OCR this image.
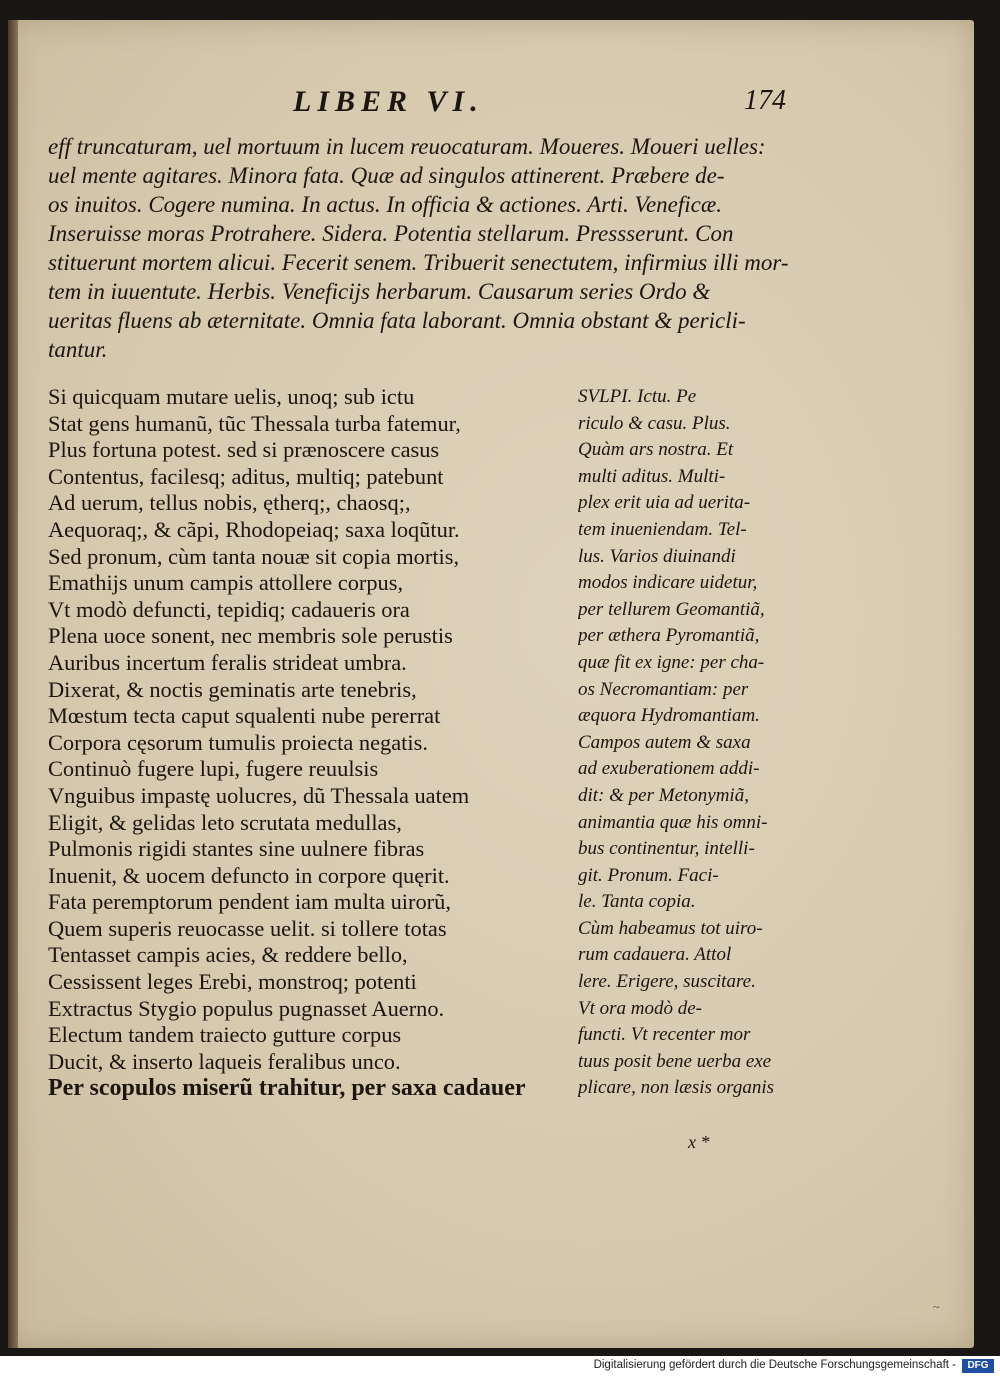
LIBER VI.	174
eff truncaturam, uel mortuum in lucem reuocaturam. Moueres. Moueri uelles:
uel mente agitares. Minora fata. Quæ ad singulos attinerent. Præbere de-
os inuitos. Cogere numina. In actus. In officia & actiones. Arti. Veneficæ.
Inseruisse moras Protrahere. Sidera. Potentia stellarum. Pressserunt. Con
stituerunt mortem alicui. Fecerit senem. Tribuerit senectutem, infirmius illi mor-
tem in iuuentute. Herbis. Veneficijs herbarum. Causarum series Ordo &
ueritas fluens ab æternitate. Omnia fata laborant. Omnia obstant & pericli-
tantur.
Si quicquam mutare uelis, unoq; sub ictu
Stat gens humanũ, tũc Thessala turba fatemur,
Plus fortuna potest. sed si prænoscere casus
Contentus, facilesq; aditus, multiq; patebunt
Ad uerum, tellus nobis, ętherq;, chaosq;,
Aequoraq;, & cãpi, Rhodopeiaq; saxa loqũtur.
Sed pronum, cùm tanta nouæ sit copia mortis,
Emathijs unum campis attollere corpus,
Vt modò defuncti, tepidiq; cadaueris ora
Plena uoce sonent, nec membris sole perustis
Auribus incertum feralis strideat umbra.
Dixerat, & noctis geminatis arte tenebris,
Mœstum tecta caput squalenti nube pererrat
Corpora cęsorum tumulis proiecta negatis.
Continuò fugere lupi, fugere reuulsis
Vnguibus impastę uolucres, dũ Thessala uatem
Eligit, & gelidas leto scrutata medullas,
Pulmonis rigidi stantes sine uulnere fibras
Inuenit, & uocem defuncto in corpore quęrit.
Fata peremptorum pendent iam multa uirorũ,
Quem superis reuocasse uelit. si tollere totas
Tentasset campis acies, & reddere bello,
Cessissent leges Erebi, monstroq; potenti
Extractus Stygio populus pugnasset Auerno.
Electum tandem traiecto gutture corpus
Ducit, & inserto laqueis feralibus unco.
Per scopulos miserũ trahitur, per saxa cadauer
SVLPI. Ictu. Pe
riculo & casu. Plus.
Quàm ars nostra. Et
multi aditus. Multi-
plex erit uia ad uerita-
tem inueniendam. Tel-
lus. Varios diuinandi
modos indicare uidetur,
per tellurem Geomantiã,
per æthera Pyromantiã,
quæ fit ex igne: per cha-
os Necromantiam: per
æquora Hydromantiam.
Campos autem & saxa
ad exuberationem addi-
dit: & per Metonymiã,
animantia quæ his omni-
bus continentur, intelli-
git. Pronum. Faci-
le. Tanta copia.
Cùm habeamus tot uiro-
rum cadauera. Attol
lere. Erigere, suscitare.
Vt ora modò de-
functi. Vt recenter mor
tuus posit bene uerba exe
plicare, non læsis organis
x *
~
Digitalisierung gefördert durch die Deutsche Forschungsgemeinschaft -	DFG
